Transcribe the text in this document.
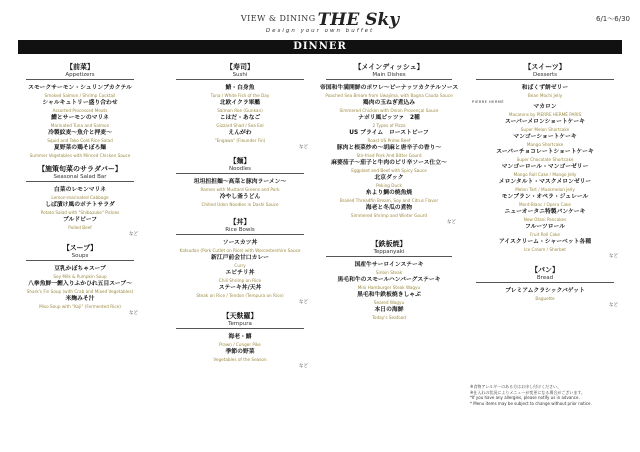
$^{VIEW \& DINING}$ THE Sky
Design your own buffet
6/1～6/30
DINNER
【前菜】
Appetizers
スモークサーモン・シュリンプカクテル
Smoked Salmon / Shrimp Cocktail
シャルキュトリー盛り合わせ
Assorted Processed Meats
鱧とサーモンのマリネ
Marinated Tuna and Salmon
冷製紋麦～魚介と押麦～
Squid and Tako Cold Rice Salad
夏野菜の鶏そぼろ麺
Summer Vegetables with Minced Chicken Sauce
【施策旬菜のサラダバー】
Seasonal Salad Bar
白菜のレモンマリネ
Lemon-marinated Cabbage
しば漬け風のポテトサラダ
Potato Salad with "Shibazuke" Pickles
プルドビーフ
Pulled Beef
など
【スープ】
Soups
豆乳かぼちゃスープ
Soy Milk & Pumpkin Soup
八拳魚鮮一鰹入りふかひれ五目スープ～
Shark's Fin Soup (with Crab and Mixed Vegetables)
米麹みそ汁
Miso Soup with "Koji" (Fermented Rice)
など
【寿司】
Sushi
鯖・白身魚
Tuna / White Fish of the Day
北欧イクラ軍艦
Salmon Roe (Gunkan)
こはだ・あなご
Gizzard Shad / Sea Eel
えんがわ
"Engawa" (Flounder Fin)
など
【麺】
Noodles
坦坦担担麺～高菜と豚肉ラーメン～
Ramen with Mustard Greens and Pork
冷やし釜うどん
Chilled Udon Noodles in Dashi Sauce
【丼】
Rice Bowls
ソースカツ丼
Katsudon (Pork Cutlet on Rice) with Worcestershire Sauce
新江戸前会甘口カレー
Curry
エビチリ丼
Chili Shrimp on Rice
ステーキ丼/天丼
Steak on Rice / Tendon (Tempura on Rice)
など
【天麩羅】
Tempura
海老・鱚
Prawn / Conger Pike
季節の野菜
Vegetables of the Season
など
【メインディッシュ】
Main Dishes
帝国和牛満開鮮のポワレ～ピーナッツカクテルソース
Poached Sea Bream from Uwajima, with Bagna Cauda Sauce
鶏肉の玉ねぎ煮込み
Simmered Chicken with Onion Provençal Sauce
ナポリ風ピッツァ　2種
2 Types of Pizza
US プライム　ローストビーフ
Roast US Prime Beef
豚肉と根菜炒め～胡麻と唐辛子の香り～
Stir-fried Pork And Bitter Gourd
麻婆茄子～茄子と牛肉のピリ辛ソース仕立～
Eggplant and Beef with Spicy Sauce
北京ダック
Peking Duck
糸より鯛の焼魚焼
Broiled Threadfin Bream, Soy and Citrus Flavor
海老と冬瓜の煮物
Simmered Shrimp and Winter Gourd
など
【鉄板焼】
Teppanyaki
国産牛サーロインステーキ
Sirloin Steak
黒毛和牛のスモールハンバーグステーキ
Mini Hamburger Steak Wagyu
黒毛和牛鉄板焼きしゃぶ
Seared Wagyu
本日の海鮮
Today's Seafood
【スイーツ】
Desserts
和ばくず餅ゼリー
Bean Mochi Jelly
PIERRE HERMÉ
マカロン
Macarons by PIERRE HERMÉ PARIS
スーパーメロンショートケーキ
Super Melon Shortcake
マンゴーショートケーキ
Mango Shortcake
スーパーチョコレートショートケーキ
Super Chocolate Shortcake
マンゴーロール・マンゴーゼリー
Mango Roll Cake / Mango Jelly
メロンタルト・マスクメロンゼリー
Melon Tart / Muskmelon Jelly
モンブラン・オペラ・ジュレール
Mont-Blanc / Opera Cake
ニューオータニ特製パンケーキ
New Otani Pancakes
フルーツロール
Fruit Roll Cake
アイスクリーム・シャーベット各種
Ice Cream / Sherbet
など
【パン】
Bread
プレミアムクラシックバゲット
Baguette
など
※食物アレルギーのある方はお申し付けください。
※仕入れの状況によりメニューが変更になる場合がございます。
*If you have any allergies, please notify us in advance.
* Menu items may be subject to change without prior notice.
